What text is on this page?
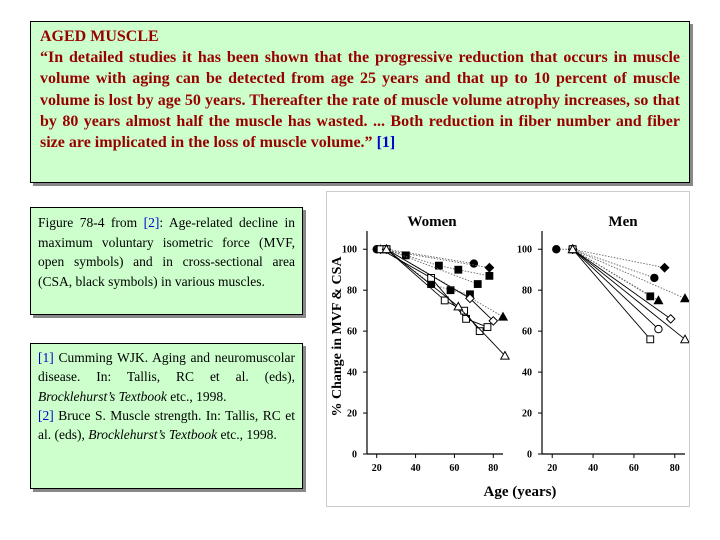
AGED MUSCLE
“In detailed studies it has been shown that the progressive reduction that occurs in muscle volume with aging can be detected from age 25 years and that up to 10 percent of muscle volume is lost by age 50 years. Thereafter the rate of muscle volume atrophy increases, so that by 80 years almost half the muscle has wasted. ... Both reduction in fiber number and fiber size are implicated in the loss of muscle volume.” [1]
Figure 78-4 from [2]: Age-related decline in maximum voluntary isometric force (MVF, open symbols) and in cross-sectional area (CSA, black symbols) in various muscles.
[1] Cumming WJK. Aging and neuromuscolar disease. In: Tallis, RC et al. (eds), Brocklehurst’s Textbook etc., 1998.
[2] Bruce S. Muscle strength. In: Tallis, RC et al. (eds), Brocklehurst’s Textbook etc., 1998.
Women
0
20
40
60
80
100
20	40	60	80
% Change in MVF & CSA
Age (years)
Men
0
20
40
60
80
100
20	40	60	80
